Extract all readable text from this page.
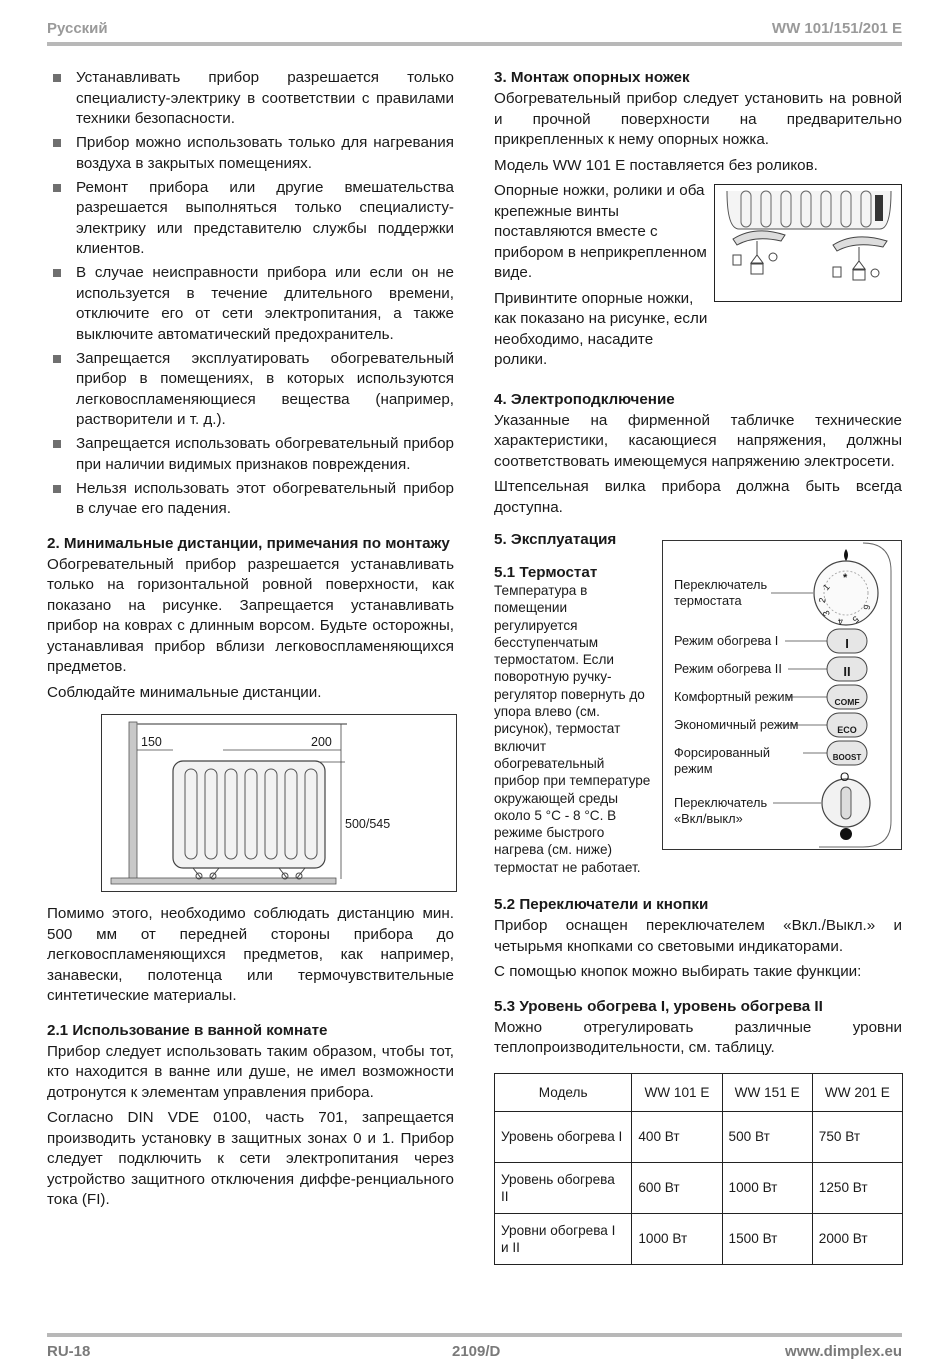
Русский	WW 101/151/201 E
Устанавливать прибор разрешается только специалисту-электрику в соответствии с правилами техники безопасности.
Прибор можно использовать только для нагревания воздуха в закрытых помещениях.
Ремонт прибора или другие вмешательства разрешается выполняться только специалисту-электрику или представителю службы поддержки клиентов.
В случае неисправности прибора или если он не используется в течение длительного времени, отключите его от сети электропитания, а также выключите автоматический предохранитель.
Запрещается эксплуатировать обогревательный прибор в помещениях, в которых используются легковоспламеняющиеся вещества (например, растворители и т. д.).
Запрещается использовать обогревательный прибор при наличии видимых признаков повреждения.
Нельзя использовать этот обогревательный прибор в случае его падения.
2. Минимальные дистанции, примечания по монтажу

Обогревательный прибор разрешается устанавливать только на горизонтальной ровной поверхности, как показано на рисунке. Запрещается устанавливать прибор на коврах с длинным ворсом. Будьте осторожны, устанавливая прибор вблизи легковоспламеняющихся предметов.

Соблюдайте минимальные дистанции.

150	200
500/545

Помимо этого, необходимо соблюдать дистанцию мин. 500 мм от передней стороны прибора до легковоспламеняющихся предметов, как например, занавески, полотенца или термочувствительные синтетические материалы.

2.1 Использование в ванной комнате

Прибор следует использовать таким образом, чтобы тот, кто находится в ванне или душе, не имел возможности дотронутся к элементам управления прибора.

Согласно DIN VDE 0100, часть 701, запрещается производить установку в защитных зонах 0 и 1. Прибор следует подключить к сети электропитания через устройство защитного отключения диффе-ренциального тока (FI).

3. Монтаж опорных ножек

Обогревательный прибор следует установить на ровной и прочной поверхности на предварительно прикрепленных к нему опорных ножка.

Модель WW 101 E поставляется без роликов.

Опорные ножки, ролики и оба крепежные винты поставляются вместе с прибором в неприкрепленном виде.

Привинтите опорные ножки, как показано на рисунке, если необходимо, насадите ролики.

4. Электроподключение

Указанные на фирменной табличке технические характеристики, касающиеся напряжения, должны соответствовать имеющемуся напряжению электросети.

Штепсельная вилка прибора должна быть всегда доступна.

5. Эксплуатация
5.1 Термостат

Температура в помещении регулируется бесступенчатым термостатом. Если поворотную ручку-регулятор повернуть до упора влево (см. рисунок), термостат включит обогревательный прибор при температуре окружающей среды около 5 °C - 8 °C. В режиме быстрого нагрева (см. ниже) термостат не работает.

*
1
2
3
4 5
6
Переключатель термостата
Режим обогрева I
Режим обогрева II
Комфортный режим
Экономичный режим
Форсированный режим
Переключатель «Вкл/выкл»
I
II
COMF
ECO
BOOST
O
5.2 Переключатели и кнопки

Прибор оснащен переключателем «Вкл./Выкл.» и четырьмя кнопками со световыми индикаторами.

С помощью кнопок можно выбирать такие функции:

5.3 Уровень обогрева I, уровень обогрева II

Можно отрегулировать различные уровни теплопроизводительности, см. таблицу.

Модель	WW 101 E	WW 151 E	WW 201 E
Уровень обогрева I	400 Вт	500 Вт	750 Вт
Уровень обогрева II	600 Вт	1000 Вт	1250 Вт
Уровни обогрева I и II	1000 Вт	1500 Вт	2000 Вт
RU-18	2109/D	www.dimplex.eu
